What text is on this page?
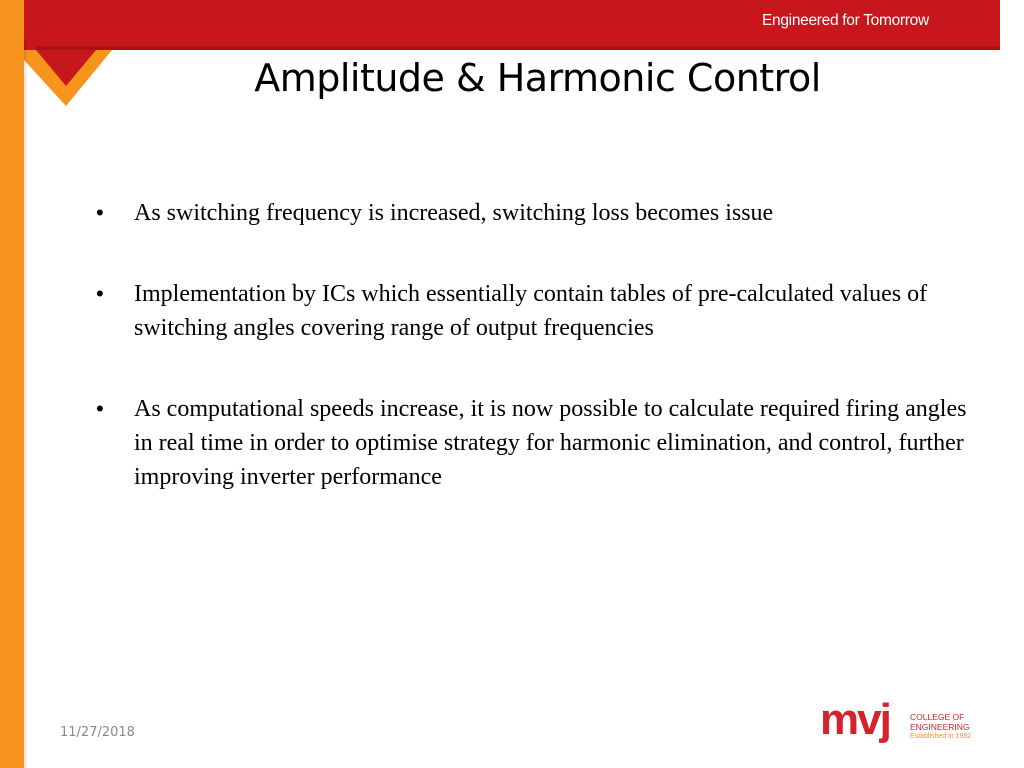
Engineered for Tomorrow
Amplitude & Harmonic Control
• As switching frequency is increased, switching loss becomes issue
• Implementation by ICs which essentially contain tables of pre-calculated values of switching angles covering range of output frequencies
• As computational speeds increase, it is now possible to calculate required firing angles in real time in order to optimise strategy for harmonic elimination, and control, further improving inverter performance
11/27/2018	mvj COLLEGE OF
ENGINEERING
Established in 1982
